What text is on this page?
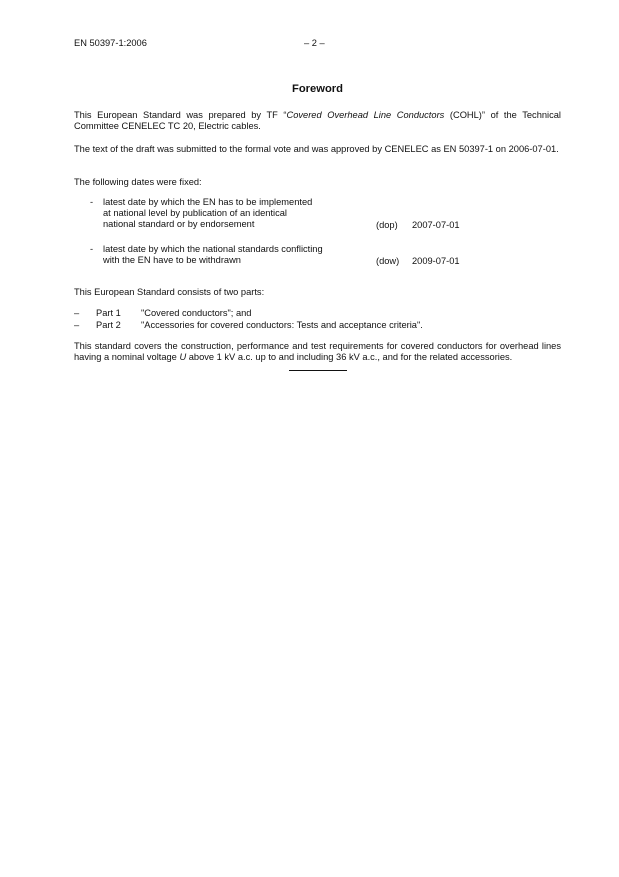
EN 50397-1:2006	– 2 –
Foreword

This European Standard was prepared by TF “Covered Overhead Line Conductors (COHL)” of the Technical Committee CENELEC TC 20, Electric cables.

The text of the draft was submitted to the formal vote and was approved by CENELEC as EN 50397-1 on 2006-07-01.

The following dates were fixed:

- latest date by which the EN has to be implemented
at national level by publication of an identical
national standard or by endorsement	(dop) 2007-07-01
- latest date by which the national standards conflicting
with the EN have to be withdrawn	(dow) 2009-07-01

This European Standard consists of two parts:

– Part 1 "Covered conductors"; and
– Part 2 "Accessories for covered conductors: Tests and acceptance criteria".

This standard covers the construction, performance and test requirements for covered conductors for overhead lines having a nominal voltage U above 1 kV a.c. up to and including 36 kV a.c., and for the related accessories.
